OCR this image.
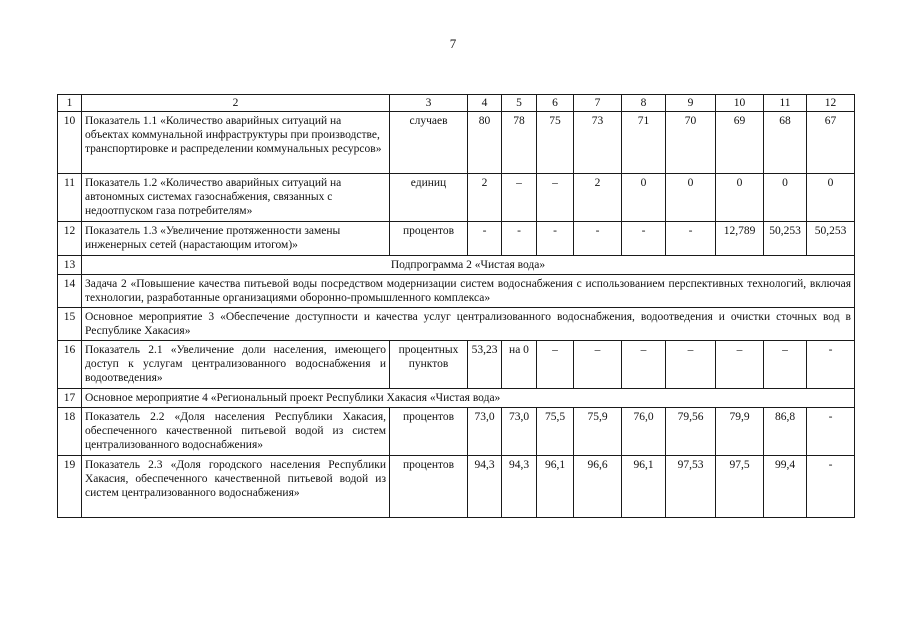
7
1	2	3	4	5	6	7	8	9	10	11	12
10	Показатель 1.1 «Количество аварийных ситуаций на объектах коммунальной инфраструктуры при производстве, транспортировке и распределении коммунальных ресурсов»	случаев	80	78	75	73	71	70	69	68	67
11	Показатель 1.2 «Количество аварийных ситуаций на автономных системах газоснабжения, связанных с недоотпуском газа потребителям»	единиц	2	–	–	2	0	0	0	0	0
12	Показатель 1.3 «Увеличение протяженности замены инженерных сетей (нарастающим итогом)»	процентов	-	-	-	-	-	-	12,789	50,253	50,253
13	Подпрограмма 2 «Чистая вода»										
14	Задача 2 «Повышение качества питьевой воды посредством модернизации систем водоснабжения с использованием перспективных технологий, включая технологии, разработанные организациями оборонно-промышленного комплекса»										
15	Основное мероприятие 3 «Обеспечение доступности и качества услуг централизованного водоснабжения, водоотведения и очистки сточных вод в Республике Хакасия»										
16	Показатель 2.1 «Увеличение доли населения, имеющего доступ к услугам централизованного водоснабжения и водоотведения»	процентных пунктов	53,23	на 0	–	–	–	–	–	–	-
17	Основное мероприятие 4 «Региональный проект Республики Хакасия «Чистая вода»										
18	Показатель 2.2 «Доля населения Республики Хакасия, обеспеченного качественной питьевой водой из систем централизованного водоснабжения»	процентов	73,0	73,0	75,5	75,9	76,0	79,56	79,9	86,8	-
19	Показатель 2.3 «Доля городского населения Республики Хакасия, обеспеченного качественной питьевой водой из систем централизованного водоснабжения»	процентов	94,3	94,3	96,1	96,6	96,1	97,53	97,5	99,4	-
